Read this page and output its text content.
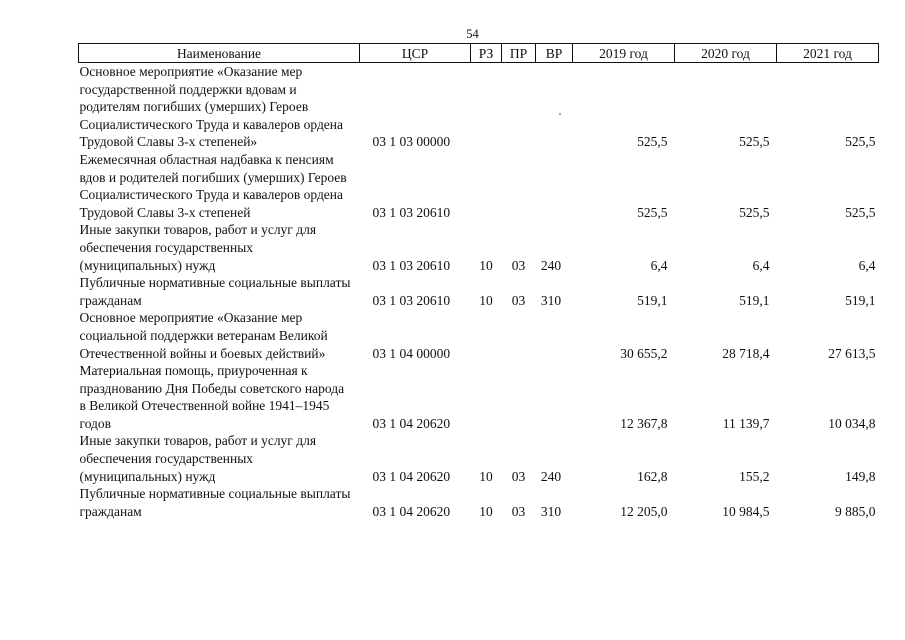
54
Наименование	ЦСР	РЗ	ПР	ВР	2019 год	2020 год	2021 год
Основное мероприятие «Оказание мер государственной поддержки вдовам и родителям погибших (умерших) Героев Социалистического Труда и кавалеров ордена Трудовой Славы 3-х степеней»	03 1 03 00000				525,5	525,5	525,5
Ежемесячная областная надбавка к пенсиям вдов и родителей погибших (умерших) Героев Социалистического Труда и кавалеров ордена Трудовой Славы 3-х степеней	03 1 03 20610				525,5	525,5	525,5
Иные закупки товаров, работ и услуг для обеспечения государственных (муниципальных) нужд	03 1 03 20610	10	03	240	6,4	6,4	6,4
Публичные нормативные социальные выплаты гражданам	03 1 03 20610	10	03	310	519,1	519,1	519,1
Основное мероприятие «Оказание мер социальной поддержки ветеранам Великой Отечественной войны и боевых действий»	03 1 04 00000				30 655,2	28 718,4	27 613,5
Материальная помощь, приуроченная к празднованию Дня Победы советского народа в Великой Отечественной войне 1941–1945 годов	03 1 04 20620				12 367,8	11 139,7	10 034,8
Иные закупки товаров, работ и услуг для обеспечения государственных (муниципальных) нужд	03 1 04 20620	10	03	240	162,8	155,2	149,8
Публичные нормативные социальные выплаты гражданам	03 1 04 20620	10	03	310	12 205,0	10 984,5	9 885,0
